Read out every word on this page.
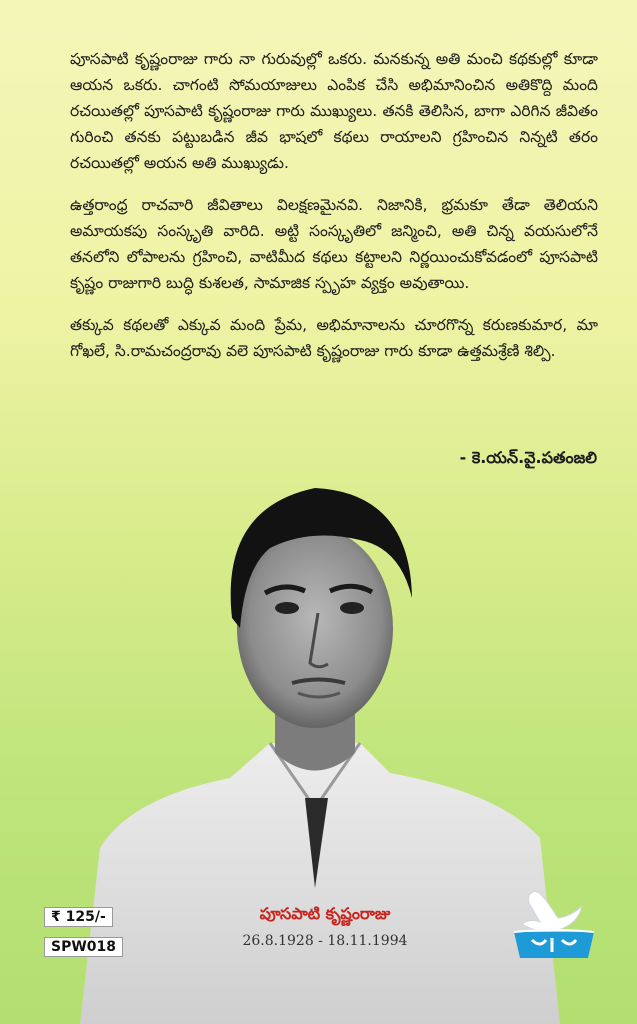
పూసపాటి కృష్ణంరాజు గారు నా గురువుల్లో ఒకరు. మనకున్న అతి మంచి కథకుల్లో కూడా ఆయన ఒకరు. చాగంటి సోమయాజులు ఎంపిక చేసి అభిమానించిన అతికొద్ది మంది రచయితల్లో పూసపాటి కృష్ణంరాజు గారు ముఖ్యులు. తనకి తెలిసిన, బాగా ఎరిగిన జీవితం గురించి తనకు పట్టుబడిన జీవ భాషలో కథలు రాయాలని గ్రహించిన నిన్నటి తరం రచయితల్లో అయన అతి ముఖ్యుడు.

ఉత్తరాంధ్ర రాచవారి జీవితాలు విలక్షణమైనవి. నిజానికి, భ్రమకూ తేడా తెలియని అమాయకపు సంస్కృతి వారిది. అట్టి సంస్కృతిలో జన్మించి, అతి చిన్న వయసులోనే తనలోని లోపాలను గ్రహించి, వాటిమీద కథలు కట్టాలని నిర్ణయించుకోవడంలో పూసపాటి కృష్ణం రాజుగారి బుద్ధి కుశలత, సామాజిక స్పృహ వ్యక్తం అవుతాయి.

తక్కువ కథలతో ఎక్కువ మంది ప్రేమ, అభిమానాలను చూరగొన్న కరుణకుమార, మా గోఖలే, సి.రామచంద్రరావు వలె పూసపాటి కృష్ణంరాజు గారు కూడా ఉత్తమశ్రేణి శిల్పి.

- కె.యన్.వై.పతంజలి
పూసపాటి కృష్ణంరాజు
26.8.1928 - 18.11.1994
₹ 125/-
SPW018
